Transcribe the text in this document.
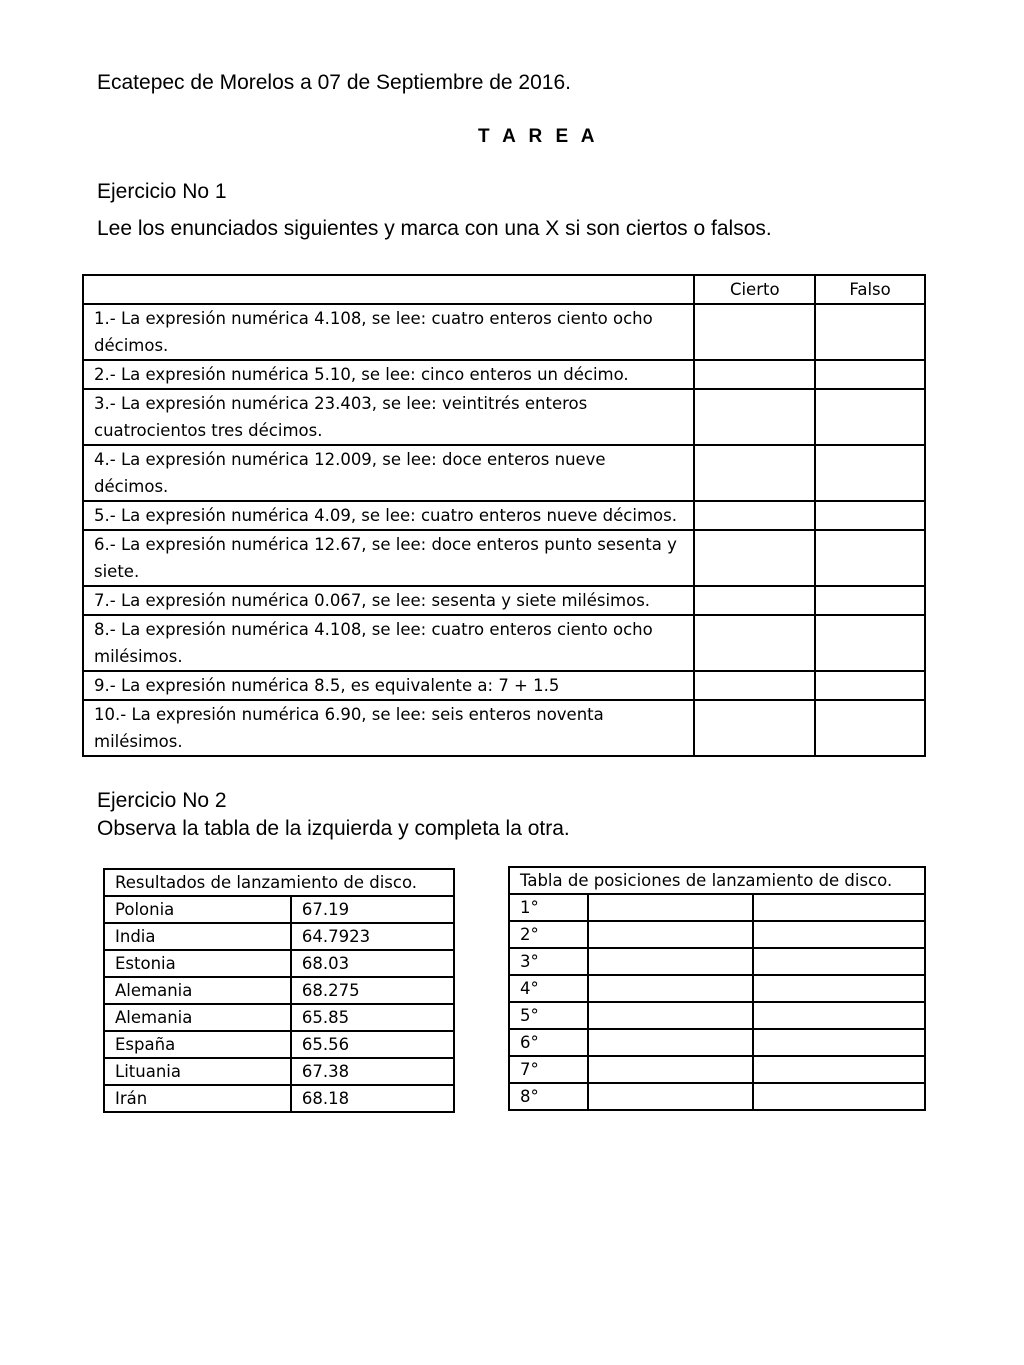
Ecatepec de Morelos a 07 de Septiembre de 2016.
T A R E A
Ejercicio No 1
Lee los enunciados siguientes y marca con una X si son ciertos o falsos.
	Cierto	Falso
1.- La expresión numérica 4.108, se lee: cuatro enteros ciento ocho décimos.		
2.- La expresión numérica 5.10, se lee: cinco enteros un décimo.		
3.- La expresión numérica 23.403, se lee: veintitrés enteros cuatrocientos tres décimos.		
4.- La expresión numérica 12.009, se lee: doce enteros nueve décimos.		
5.- La expresión numérica 4.09, se lee: cuatro enteros nueve décimos.		
6.- La expresión numérica 12.67, se lee: doce enteros punto sesenta y siete.		
7.- La expresión numérica 0.067, se lee: sesenta y siete milésimos.		
8.- La expresión numérica 4.108, se lee: cuatro enteros ciento ocho milésimos.		
9.- La expresión numérica 8.5, es equivalente a: 7 + 1.5		
10.- La expresión numérica 6.90, se lee: seis enteros noventa milésimos.		
Ejercicio No 2
Observa la tabla de la izquierda y completa la otra.
Resultados de lanzamiento de disco.	
Polonia	67.19
India	64.7923
Estonia	68.03
Alemania	68.275
Alemania	65.85
España	65.56
Lituania	67.38
Irán	68.18
Tabla de posiciones de lanzamiento de disco.		
1°		
2°		
3°		
4°		
5°		
6°		
7°		
8°		
